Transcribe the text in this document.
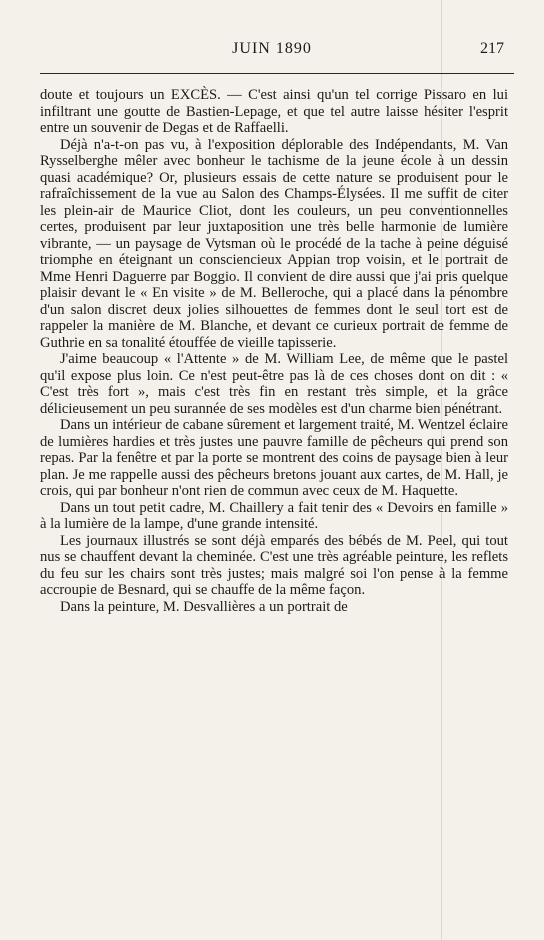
JUIN 1890	217

doute et toujours un EXCÈS. — C'est ainsi qu'un tel corrige Pissaro en lui infiltrant une goutte de Bastien-Lepage, et que tel autre laisse hésiter l'esprit entre un souvenir de Degas et de Raffaelli.

Déjà n'a-t-on pas vu, à l'exposition déplorable des Indépendants, M. Van Rysselberghe mêler avec bonheur le tachisme de la jeune école à un dessin quasi académique? Or, plusieurs essais de cette nature se produisent pour le rafraîchissement de la vue au Salon des Champs-Élysées. Il me suffit de citer les plein-air de Maurice Cliot, dont les couleurs, un peu conventionnelles certes, produisent par leur juxtaposition une très belle harmonie de lumière vibrante, — un paysage de Vytsman où le procédé de la tache à peine déguisé triomphe en éteignant un consciencieux Appian trop voisin, et le portrait de Mme Henri Daguerre par Boggio. Il convient de dire aussi que j'ai pris quelque plaisir devant le « En visite » de M. Belleroche, qui a placé dans la pénombre d'un salon discret deux jolies silhouettes de femmes dont le seul tort est de rappeler la manière de M. Blanche, et devant ce curieux portrait de femme de Guthrie en sa tonalité étouffée de vieille tapisserie.

J'aime beaucoup « l'Attente » de M. William Lee, de même que le pastel qu'il expose plus loin. Ce n'est peut-être pas là de ces choses dont on dit : « C'est très fort », mais c'est très fin en restant très simple, et la grâce délicieusement un peu surannée de ses modèles est d'un charme bien pénétrant.

Dans un intérieur de cabane sûrement et largement traité, M. Wentzel éclaire de lumières hardies et très justes une pauvre famille de pêcheurs qui prend son repas. Par la fenêtre et par la porte se montrent des coins de paysage bien à leur plan. Je me rappelle aussi des pêcheurs bretons jouant aux cartes, de M. Hall, je crois, qui par bonheur n'ont rien de commun avec ceux de M. Haquette.

Dans un tout petit cadre, M. Chaillery a fait tenir des « Devoirs en famille » à la lumière de la lampe, d'une grande intensité.

Les journaux illustrés se sont déjà emparés des bébés de M. Peel, qui tout nus se chauffent devant la cheminée. C'est une très agréable peinture, les reflets du feu sur les chairs sont très justes; mais malgré soi l'on pense à la femme accroupie de Besnard, qui se chauffe de la même façon.

Dans la peinture, M. Desvallières a un portrait de
